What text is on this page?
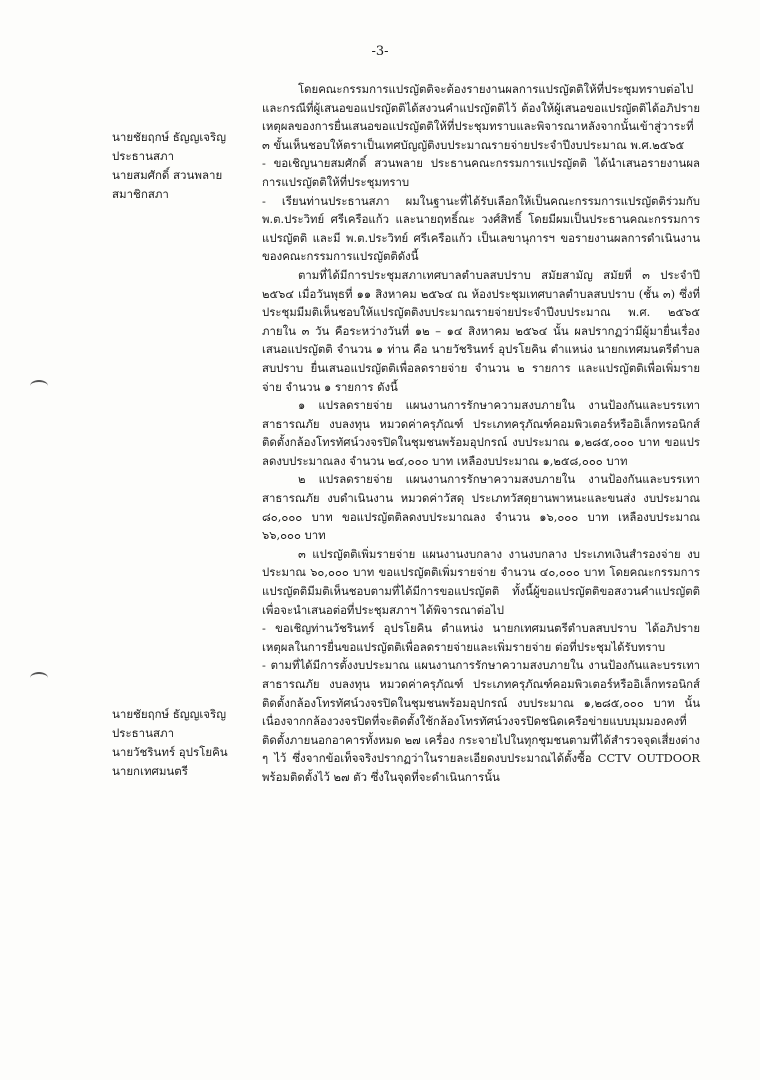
-3-
นายชัยฤกษ์ ธัญญเจริญ
ประธานสภา
นายสมศักดิ์ สวนพลาย
สมาชิกสภา
นายชัยฤกษ์ ธัญญเจริญ
ประธานสภา
นายวัชรินทร์ อุปรโยคิน
นายกเทศมนตรี

โดยคณะกรรมการแปรญัตติจะต้องรายงานผลการแปรญัตติให้ที่ประชุมทราบต่อไป และกรณีที่ผู้เสนอขอแปรญัตติได้สงวนคำแปรญัตติไว้ ต้องให้ผู้เสนอขอแปรญัตติได้อภิปรายเหตุผลของการยื่นเสนอขอแปรญัตติให้ที่ประชุมทราบและพิจารณาหลังจากนั้นเข้าสู่วาระที่ ๓ ขั้นเห็นชอบให้ตราเป็นเทศบัญญัติงบประมาณรายจ่ายประจำปีงบประมาณ พ.ศ.๒๕๖๕

- ขอเชิญนายสมศักดิ์ สวนพลาย ประธานคณะกรรมการแปรญัตติ ได้นำเสนอรายงานผลการแปรญัตติให้ที่ประชุมทราบ

- เรียนท่านประธานสภา ผมในฐานะที่ได้รับเลือกให้เป็นคณะกรรมการแปรญัตติร่วมกับ พ.ต.ประวิทย์ ศรีเครือแก้ว และนายฤทธิ์ณะ วงศ์สิทธิ์ โดยมีผมเป็นประธานคณะกรรมการแปรญัตติ และมี พ.ต.ประวิทย์ ศรีเครือแก้ว เป็นเลขานุการฯ ขอรายงานผลการดำเนินงานของคณะกรรมการแปรญัตติดังนี้

ตามที่ได้มีการประชุมสภาเทศบาลตำบลสบปราบ สมัยสามัญ สมัยที่ ๓ ประจำปี ๒๕๖๔ เมื่อวันพุธที่ ๑๑ สิงหาคม ๒๕๖๔ ณ ห้องประชุมเทศบาลตำบลสบปราบ (ชั้น ๓) ซึ่งที่ประชุมมีมติเห็นชอบให้แปรญัตติงบประมาณรายจ่ายประจำปีงบประมาณ พ.ศ. ๒๕๖๕ ภายใน ๓ วัน คือระหว่างวันที่ ๑๒ – ๑๔ สิงหาคม ๒๕๖๔ นั้น ผลปรากฏว่ามีผู้มายื่นเรื่องเสนอแปรญัตติ จำนวน ๑ ท่าน คือ นายวัชรินทร์ อุปรโยคิน ตำแหน่ง นายกเทศมนตรีตำบลสบปราบ ยื่นเสนอแปรญัตติเพื่อลดรายจ่าย จำนวน ๒ รายการ และแปรญัตติเพื่อเพิ่มรายจ่าย จำนวน ๑ รายการ ดังนี้

๑ แปรลดรายจ่าย แผนงานการรักษาความสงบภายใน งานป้องกันและบรรเทาสาธารณภัย งบลงทุน หมวดค่าครุภัณฑ์ ประเภทครุภัณฑ์คอมพิวเตอร์หรืออิเล็กทรอนิกส์ ติดตั้งกล้องโทรทัศน์วงจรปิดในชุมชนพร้อมอุปกรณ์ งบประมาณ ๑,๒๘๕,๐๐๐ บาท ขอแปรลดงบประมาณลง จำนวน ๒๔,๐๐๐ บาท เหลืองบประมาณ ๑,๒๕๘,๐๐๐ บาท

๒ แปรลดรายจ่าย แผนงานการรักษาความสงบภายใน งานป้องกันและบรรเทาสาธารณภัย งบดำเนินงาน หมวดค่าวัสดุ ประเภทวัสดุยานพาหนะและขนส่ง งบประมาณ ๘๐,๐๐๐ บาท ขอแปรญัตติลดงบประมาณลง จำนวน ๑๖,๐๐๐ บาท เหลืองบประมาณ ๖๖,๐๐๐ บาท

๓ แปรญัตติเพิ่มรายจ่าย แผนงานงบกลาง งานงบกลาง ประเภทเงินสำรองจ่าย งบประมาณ ๖๐,๐๐๐ บาท ขอแปรญัตติเพิ่มรายจ่าย จำนวน ๔๐,๐๐๐ บาท โดยคณะกรรมการแปรญัตติมีมติเห็นชอบตามที่ได้มีการขอแปรญัตติ ทั้งนี้ผู้ขอแปรญัตติขอสงวนคำแปรญัตติเพื่อจะนำเสนอต่อที่ประชุมสภาฯ ได้พิจารณาต่อไป

- ขอเชิญท่านวัชรินทร์ อุปรโยคิน ตำแหน่ง นายกเทศมนตรีตำบลสบปราบ ได้อภิปรายเหตุผลในการยื่นขอแปรญัตติเพื่อลดรายจ่ายและเพิ่มรายจ่าย ต่อที่ประชุมได้รับทราบ

- ตามที่ได้มีการตั้งงบประมาณ แผนงานการรักษาความสงบภายใน งานป้องกันและบรรเทาสาธารณภัย งบลงทุน หมวดค่าครุภัณฑ์ ประเภทครุภัณฑ์คอมพิวเตอร์หรืออิเล็กทรอนิกส์ ติดตั้งกล้องโทรทัศน์วงจรปิดในชุมชนพร้อมอุปกรณ์ งบประมาณ ๑,๒๘๕,๐๐๐ บาท นั้น เนื่องจากกล้องวงจรปิดที่จะติดตั้งใช้กล้องโทรทัศน์วงจรปิดชนิดเครือข่ายแบบมุมมองคงที่ติดตั้งภายนอกอาคารทั้งหมด ๒๗ เครื่อง กระจายไปในทุกชุมชนตามที่ได้สำรวจจุดเสี่ยงต่าง ๆ ไว้ ซึ่งจากข้อเท็จจริงปรากฏว่าในรายละเอียดงบประมาณได้ตั้งซื้อ CCTV OUTDOOR พร้อมติดตั้งไว้ ๒๗ ตัว ซึ่งในจุดที่จะดำเนินการนั้น
